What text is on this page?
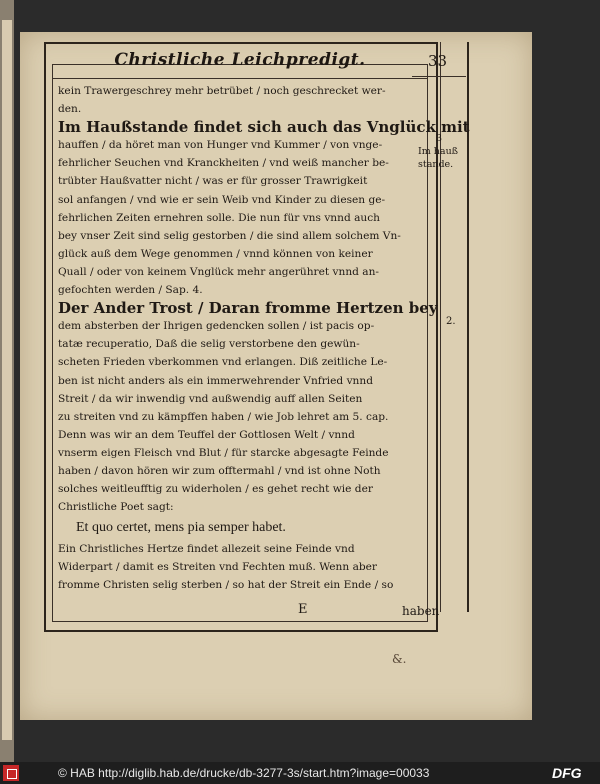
Christliche Leichpredigt.	33
kein Trawergeschrey mehr betrübet / noch geschrecket wer-
den.
Im Haußstande findet sich auch das Vnglück mit
hauffen / da höret man von Hunger vnd Kummer / von vnge-
fehrlicher Seuchen vnd Kranckheiten / vnd weiß mancher be-
trübter Haußvatter nicht / was er für grosser Trawrigkeit
sol anfangen / vnd wie er sein Weib vnd Kinder zu diesen ge-
fehrlichen Zeiten ernehren solle. Die nun für vns vnnd auch
bey vnser Zeit sind selig gestorben / die sind allem solchem Vn-
glück auß dem Wege genommen / vnnd können von keiner
Quall / oder von keinem Vnglück mehr angerühret vnnd an-
gefochten werden / Sap. 4.
Der Ander Trost / Daran fromme Hertzen bey
dem absterben der Ihrigen gedencken sollen / ist pacis op-
tatæ recuperatio, Daß die selig verstorbene den gewün-
scheten Frieden vberkommen vnd erlangen. Diß zeitliche Le-
ben ist nicht anders als ein immerwehrender Vnfried vnnd
Streit / da wir inwendig vnd außwendig auff allen Seiten
zu streiten vnd zu kämpffen haben / wie Job lehret am 5. cap.
Denn was wir an dem Teuffel der Gottlosen Welt / vnnd
vnserm eigen Fleisch vnd Blut / für starcke abgesagte Feinde
haben / davon hören wir zum offtermahl / vnd ist ohne Noth
solches weitleufftig zu widerholen / es gehet recht wie der
Christliche Poet sagt:
Et quo certet, mens pia semper habet.
Ein Christliches Hertze findet allezeit seine Feinde vnd
Widerpart / damit es Streiten vnd Fechten muß. Wenn aber
fromme Christen selig sterben / so hat der Streit ein Ende / so
3
Im hauß stande.
2.
E	haben
&.
© HAB http://diglib.hab.de/drucke/db-3277-3s/start.htm?image=00033	DFG
